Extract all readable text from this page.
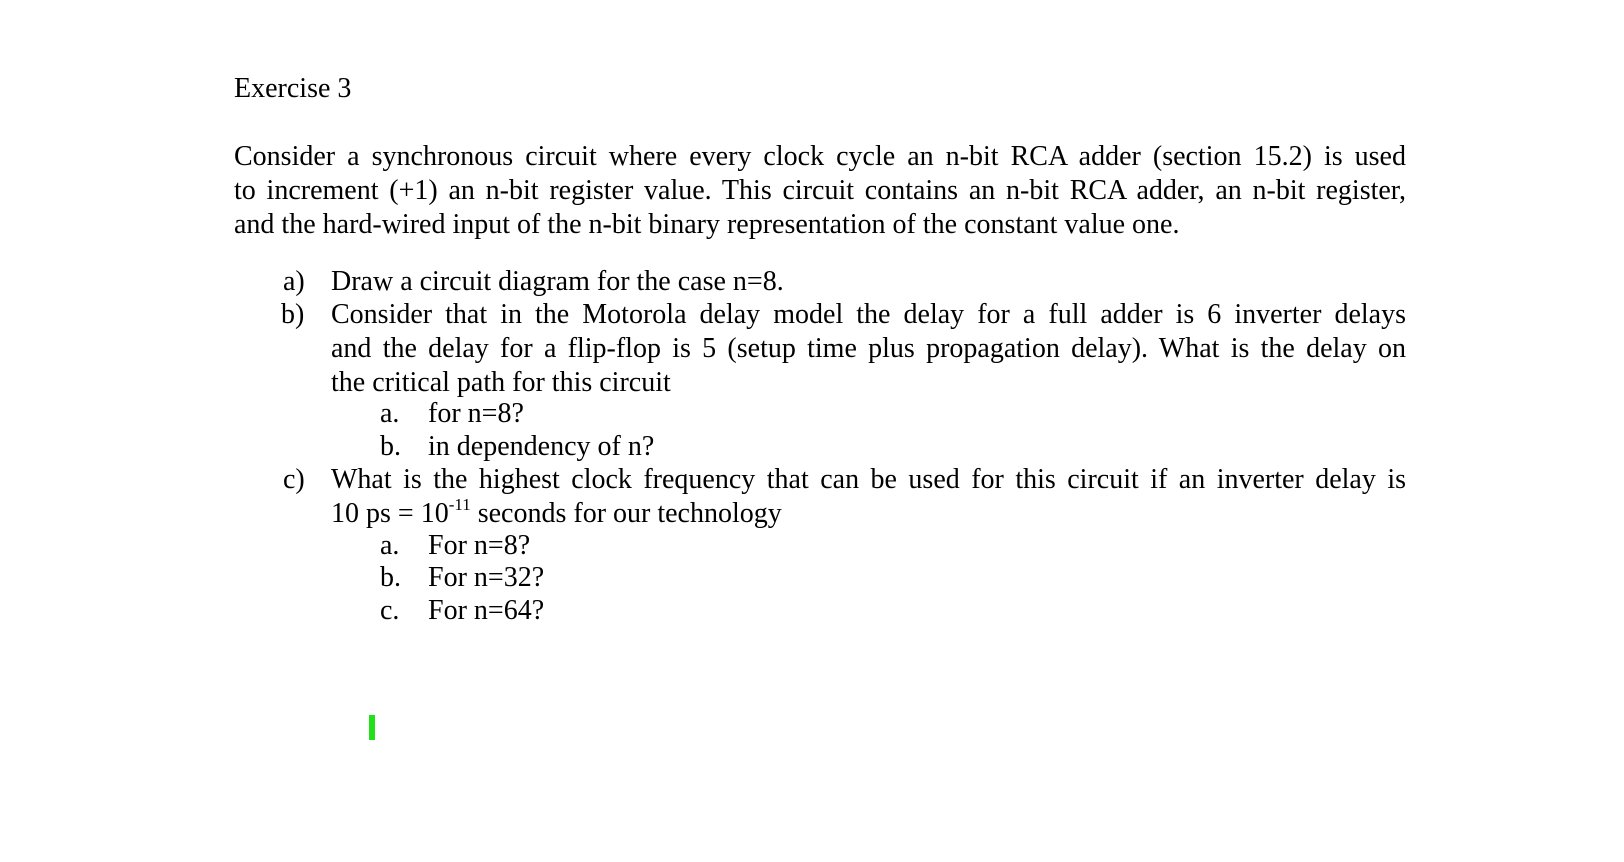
Exercise 3
Consider a synchronous circuit where every clock cycle an n-bit RCA adder (section 15.2) is used
to increment (+1) an n-bit register value. This circuit contains an n-bit RCA adder, an n-bit register,
and the hard-wired input of the n-bit binary representation of the constant value one.
a) Draw a circuit diagram for the case n=8.
b) Consider that in the Motorola delay model the delay for a full adder is 6 inverter delays
and the delay for a flip-flop is 5 (setup time plus propagation delay). What is the delay on
the critical path for this circuit
a. for n=8?
b. in dependency of n?
c) What is the highest clock frequency that can be used for this circuit if an inverter delay is
10 ps = $10^{-11}$ seconds for our technology
a. For n=8?
b. For n=32?
c. For n=64?
